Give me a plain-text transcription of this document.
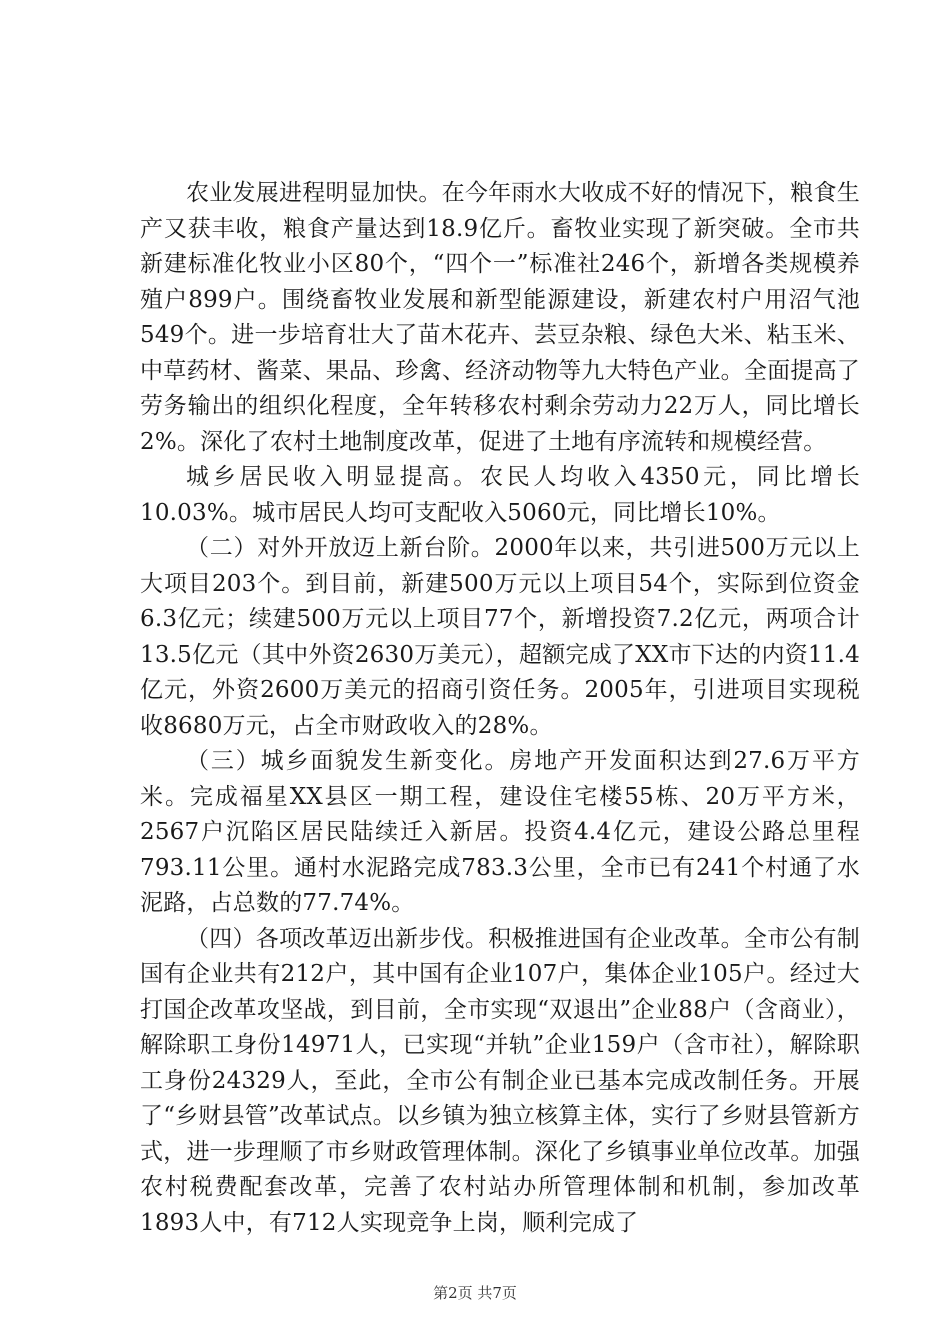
农业发展进程明显加快。在今年雨水大收成不好的情况下，粮食生产又获丰收，粮食产量达到18.9亿斤。畜牧业实现了新突破。全市共新建标准化牧业小区80个，“四个一”标准社246个，新增各类规模养殖户899户。围绕畜牧业发展和新型能源建设，新建农村户用沼气池549个。进一步培育壮大了苗木花卉、芸豆杂粮、绿色大米、粘玉米、中草药材、酱菜、果品、珍禽、经济动物等九大特色产业。全面提高了劳务输出的组织化程度，全年转移农村剩余劳动力22万人，同比增长2%。深化了农村土地制度改革，促进了土地有序流转和规模经营。

城乡居民收入明显提高。农民人均收入4350元，同比增长10.03%。城市居民人均可支配收入5060元，同比增长10%。

（二）对外开放迈上新台阶。2000年以来，共引进500万元以上大项目203个。到目前，新建500万元以上项目54个，实际到位资金6.3亿元；续建500万元以上项目77个，新增投资7.2亿元，两项合计13.5亿元（其中外资2630万美元），超额完成了XX市下达的内资11.4亿元，外资2600万美元的招商引资任务。2005年，引进项目实现税收8680万元，占全市财政收入的28%。

（三）城乡面貌发生新变化。房地产开发面积达到27.6万平方米。完成福星XX县区一期工程，建设住宅楼55栋、20万平方米，2567户沉陷区居民陆续迁入新居。投资4.4亿元，建设公路总里程793.11公里。通村水泥路完成783.3公里，全市已有241个村通了水泥路，占总数的77.74%。

（四）各项改革迈出新步伐。积极推进国有企业改革。全市公有制国有企业共有212户，其中国有企业107户，集体企业105户。经过大打国企改革攻坚战，到目前，全市实现“双退出”企业88户（含商业），解除职工身份14971人，已实现“并轨”企业159户（含市社），解除职工身份24329人，至此，全市公有制企业已基本完成改制任务。开展了“乡财县管”改革试点。以乡镇为独立核算主体，实行了乡财县管新方式，进一步理顺了市乡财政管理体制。深化了乡镇事业单位改革。加强农村税费配套改革，完善了农村站办所管理体制和机制，参加改革1893人中，有712人实现竞争上岗，顺利完成了

第2页 共7页
